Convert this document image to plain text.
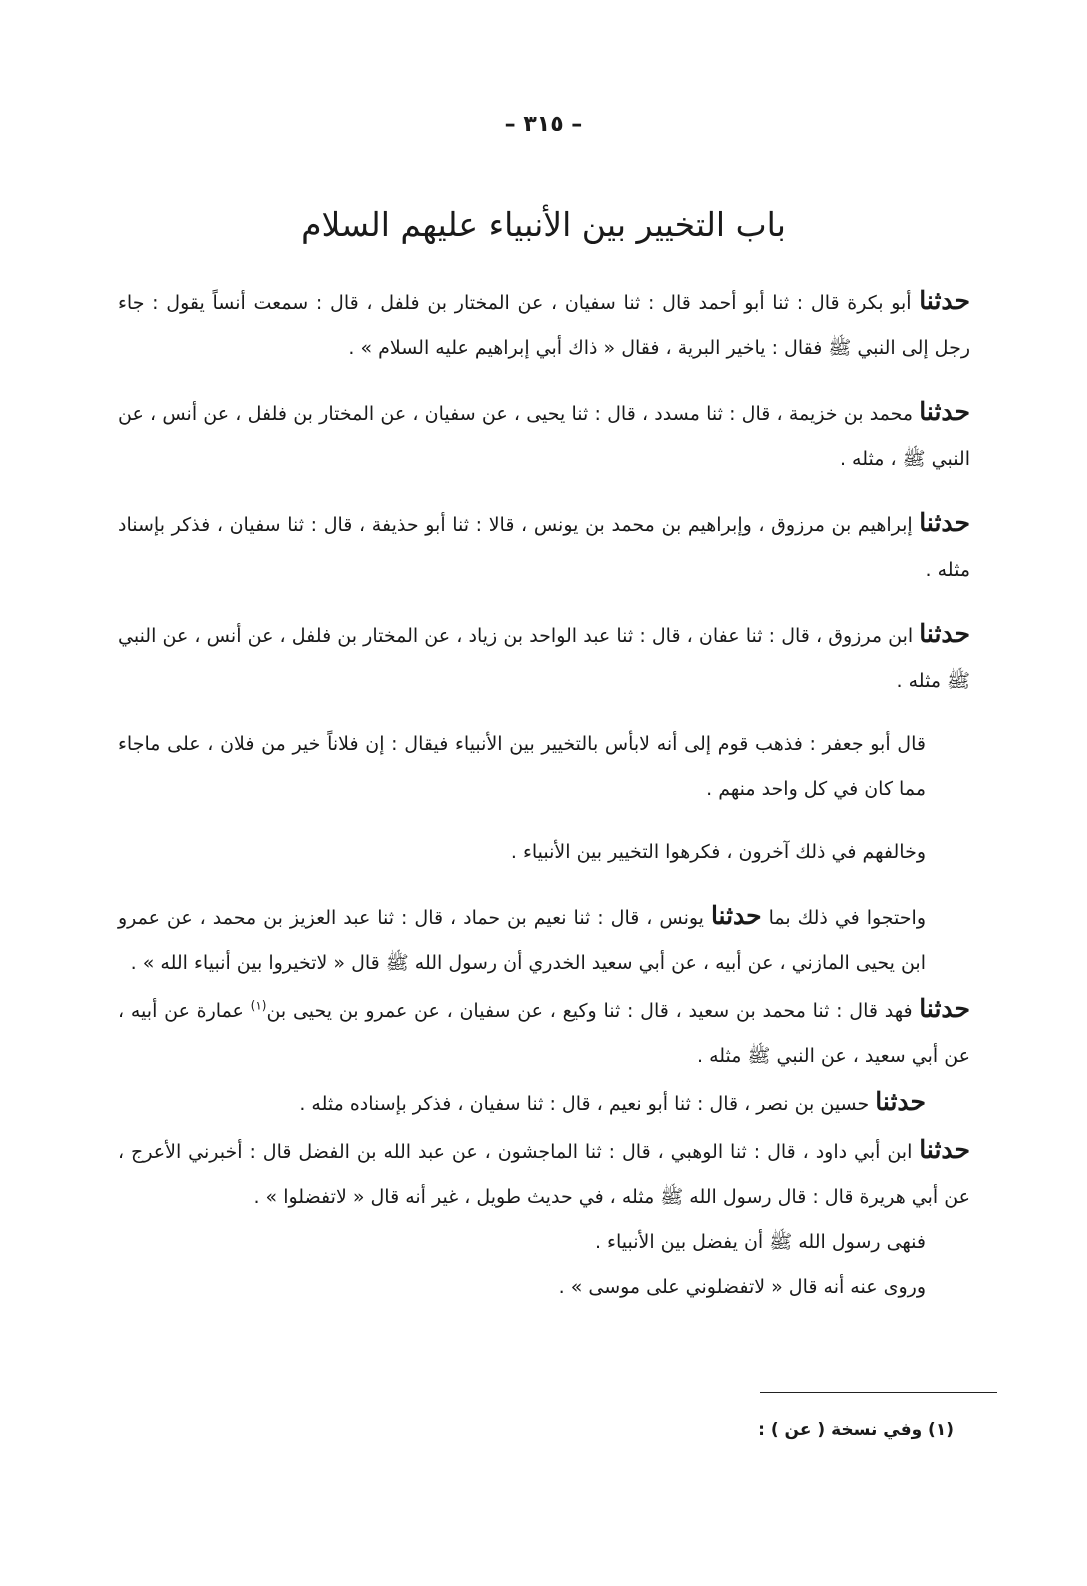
– ٣١٥ –
باب التخيير بين الأنبياء عليهم السلام

حدثنا أبو بكرة قال : ثنا أبو أحمد قال : ثنا سفيان ، عن المختار بن فلفل ، قال : سمعت أنساً يقول : جاء رجل إلى النبي ﷺ فقال : ياخير البرية ، فقال « ذاك أبي إبراهيم عليه السلام » .

حدثنا محمد بن خزيمة ، قال : ثنا مسدد ، قال : ثنا يحيى ، عن سفيان ، عن المختار بن فلفل ، عن أنس ، عن النبي ﷺ ، مثله .

حدثنا إبراهيم بن مرزوق ، وإبراهيم بن محمد بن يونس ، قالا : ثنا أبو حذيفة ، قال : ثنا سفيان ، فذكر بإسناد مثله .

حدثنا ابن مرزوق ، قال : ثنا عفان ، قال : ثنا عبد الواحد بن زياد ، عن المختار بن فلفل ، عن أنس ، عن النبي ﷺ مثله .

قال أبو جعفر : فذهب قوم إلى أنه لابأس بالتخيير بين الأنبياء فيقال : إن فلاناً خير من فلان ، على ماجاء مما كان في كل واحد منهم .

وخالفهم في ذلك آخرون ، فكرهوا التخيير بين الأنبياء .

واحتجوا في ذلك بما حدثنا يونس ، قال : ثنا نعيم بن حماد ، قال : ثنا عبد العزيز بن محمد ، عن عمرو ابن يحيى المازني ، عن أبيه ، عن أبي سعيد الخدري أن رسول الله ﷺ قال « لاتخيروا بين أنبياء الله » .

حدثنا فهد قال : ثنا محمد بن سعيد ، قال : ثنا وكيع ، عن سفيان ، عن عمرو بن يحيى بن$^{(١)}$ عمارة عن أبيه ، عن أبي سعيد ، عن النبي ﷺ مثله .

حدثنا حسين بن نصر ، قال : ثنا أبو نعيم ، قال : ثنا سفيان ، فذكر بإسناده مثله .

حدثنا ابن أبي داود ، قال : ثنا الوهبي ، قال : ثنا الماجشون ، عن عبد الله بن الفضل قال : أخبرني الأعرج ، عن أبي هريرة قال : قال رسول الله ﷺ مثله ، في حديث طويل ، غير أنه قال « لاتفضلوا » .

فنهى رسول الله ﷺ أن يفضل بين الأنبياء .

وروى عنه أنه قال « لاتفضلوني على موسى » .

(١) وفي نسخة ( عن ) :
